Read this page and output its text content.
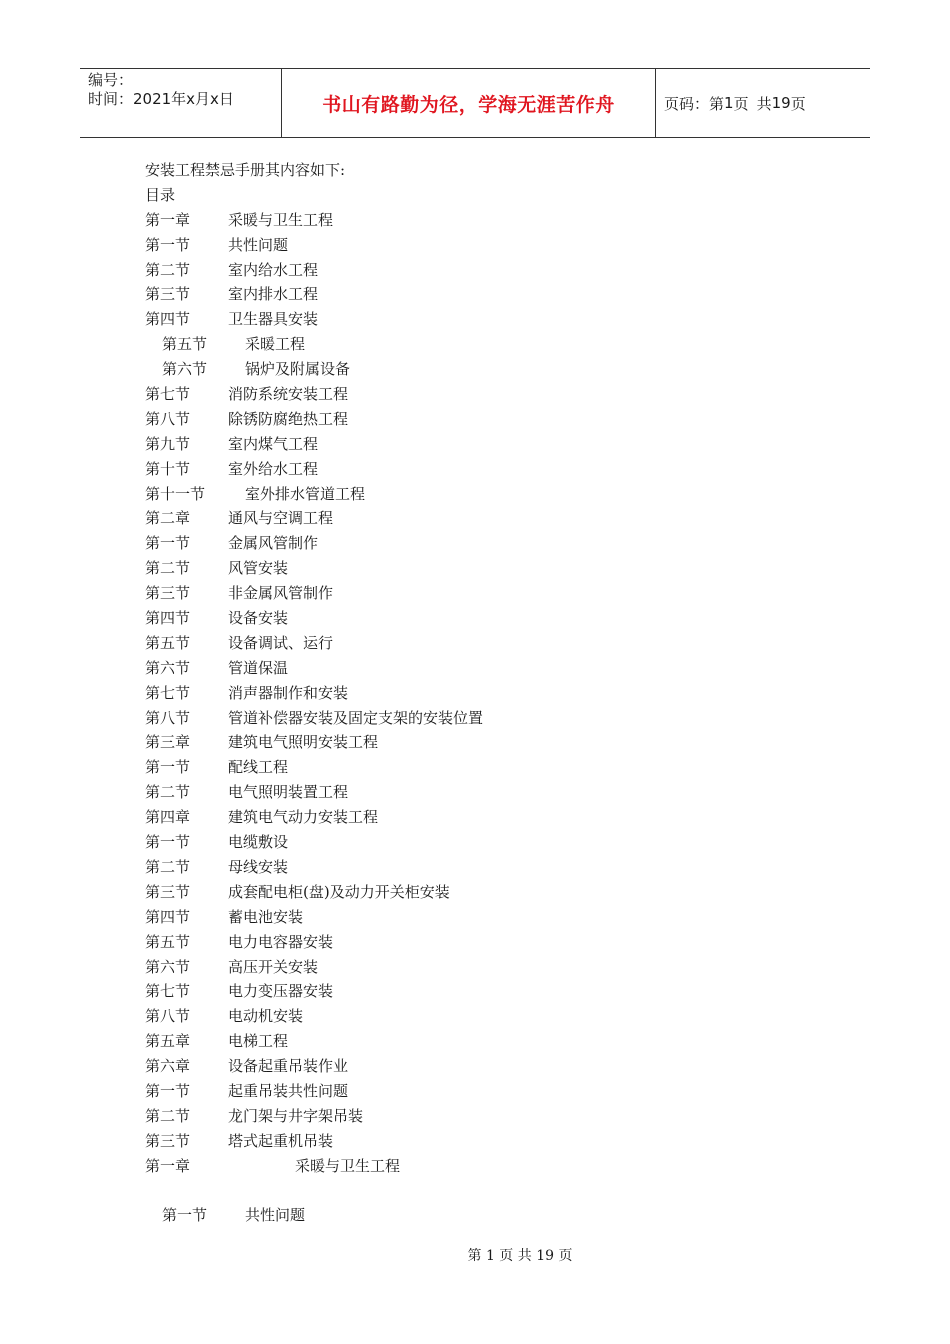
编号：
时间：2021年x月x日	书山有路勤为径，学海无涯苦作舟	页码：第 1 页 共 19 页
安装工程禁忌手册其内容如下:
目录
第一章	采暖与卫生工程
第一节	共性问题
第二节	室内给水工程
第三节	室内排水工程
第四节	卫生器具安装
第五节	采暖工程
第六节	锅炉及附属设备
第七节	消防系统安装工程
第八节	除锈防腐绝热工程
第九节	室内煤气工程
第十节	室外给水工程
第十一节	室外排水管道工程
第二章	通风与空调工程
第一节	金属风管制作
第二节	风管安装
第三节	非金属风管制作
第四节	设备安装
第五节	设备调试、运行
第六节	管道保温
第七节	消声器制作和安装
第八节	管道补偿器安装及固定支架的安装位置
第三章	建筑电气照明安装工程
第一节	配线工程
第二节	电气照明装置工程
第四章	建筑电气动力安装工程
第一节	电缆敷设
第二节	母线安装
第三节	成套配电柜(盘)及动力开关柜安装
第四节	蓄电池安装
第五节	电力电容器安装
第六节	高压开关安装
第七节	电力变压器安装
第八节	电动机安装
第五章	电梯工程
第六章	设备起重吊装作业
第一节	起重吊装共性问题
第二节	龙门架与井字架吊装
第三节	塔式起重机吊装
第一章	采暖与卫生工程
第一节	共性问题
第 1 页 共 19 页
